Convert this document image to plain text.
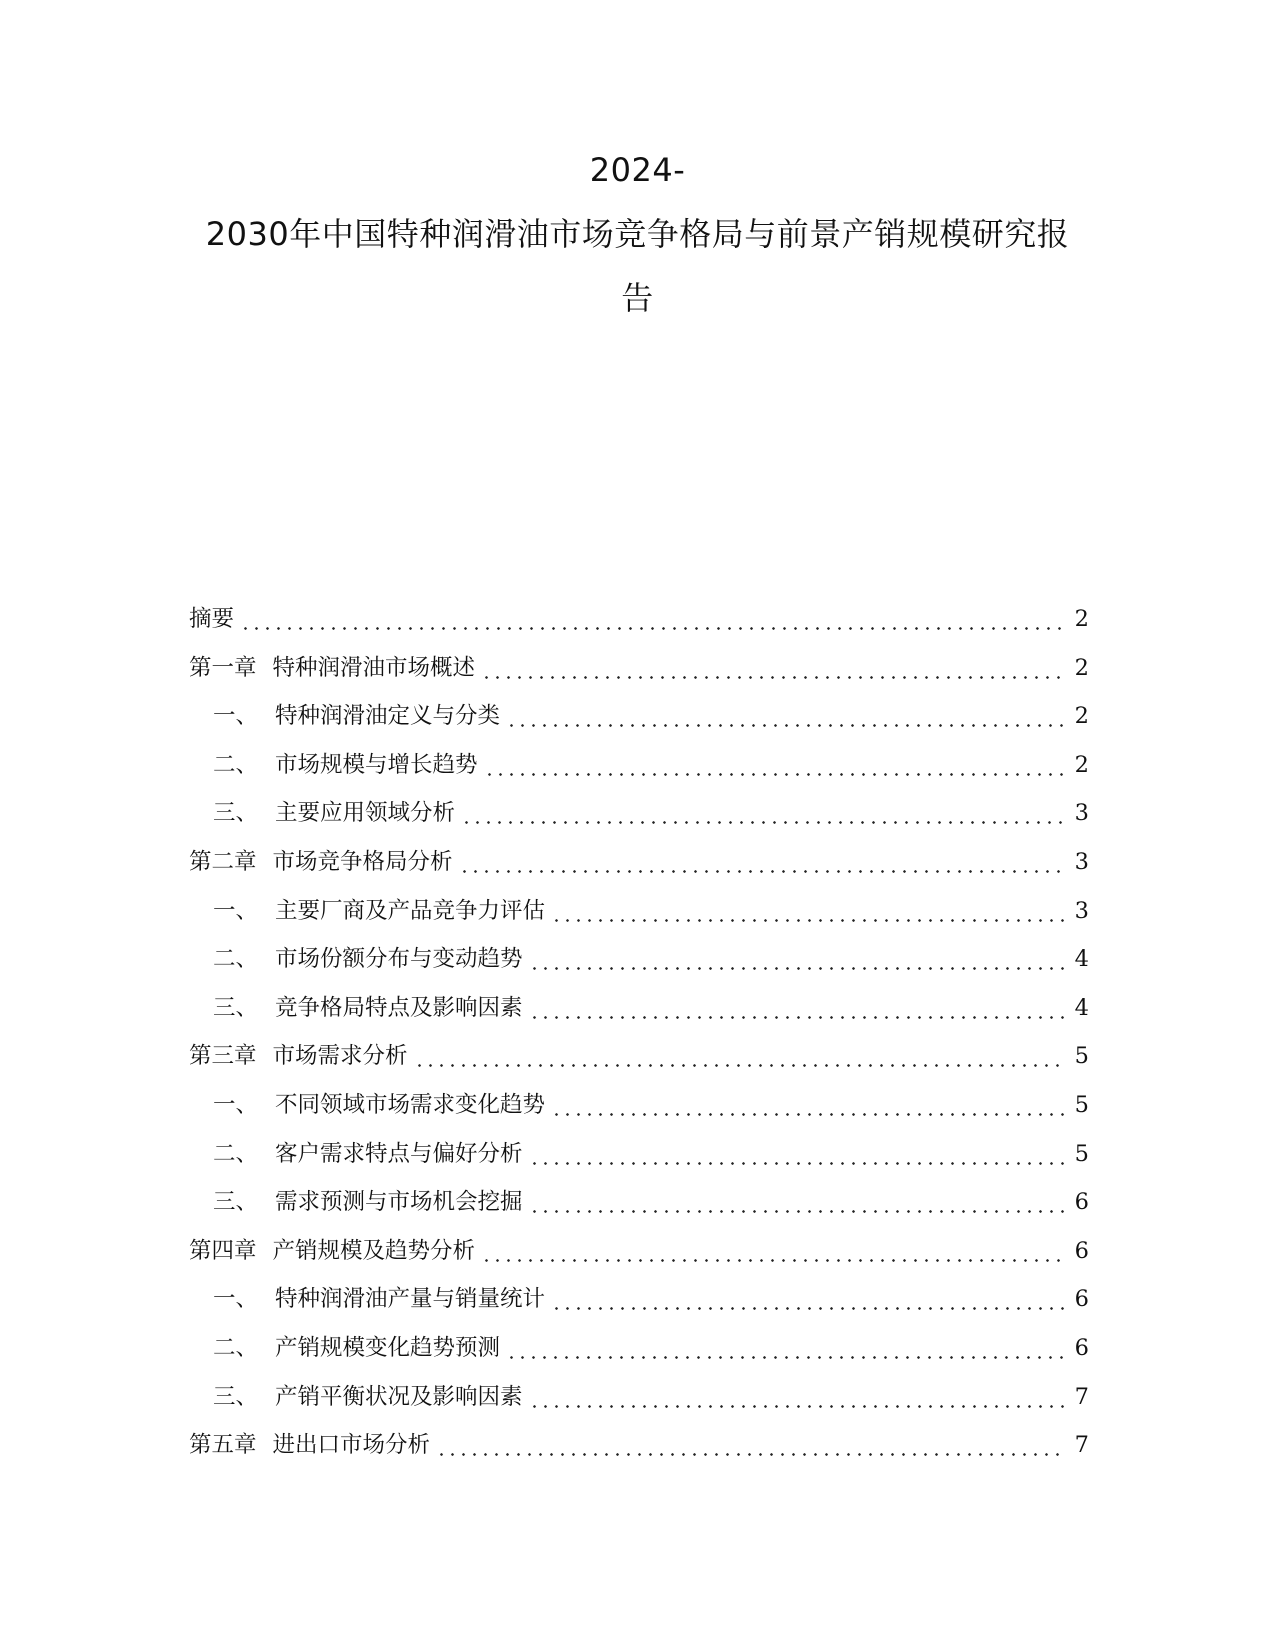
2024-
2030年中国特种润滑油市场竞争格局与前景产销规模研究报
告
摘要	2
第一章 特种润滑油市场概述	2
一、 特种润滑油定义与分类	2
二、 市场规模与增长趋势	2
三、 主要应用领域分析	3
第二章 市场竞争格局分析	3
一、 主要厂商及产品竞争力评估	3
二、 市场份额分布与变动趋势	4
三、 竞争格局特点及影响因素	4
第三章 市场需求分析	5
一、 不同领域市场需求变化趋势	5
二、 客户需求特点与偏好分析	5
三、 需求预测与市场机会挖掘	6
第四章 产销规模及趋势分析	6
一、 特种润滑油产量与销量统计	6
二、 产销规模变化趋势预测	6
三、 产销平衡状况及影响因素	7
第五章 进出口市场分析	7
